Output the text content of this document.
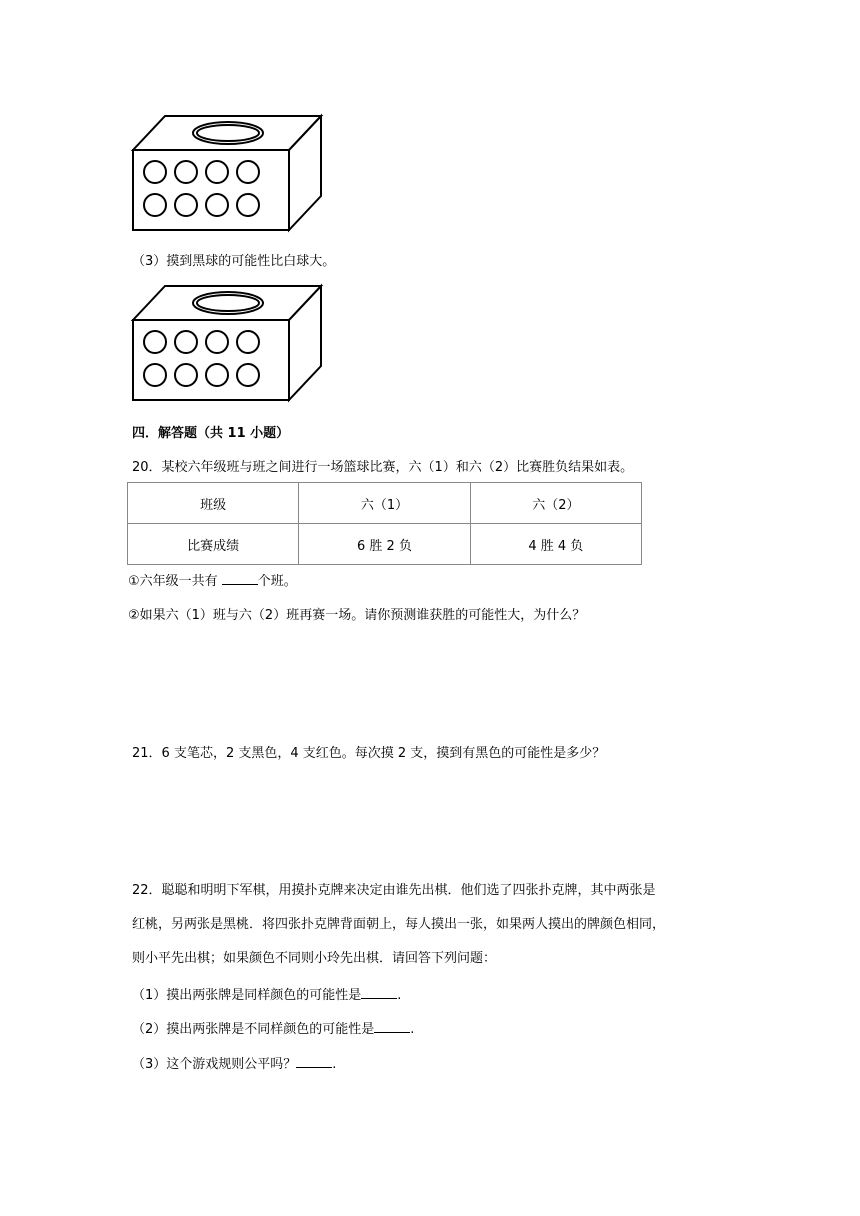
（3）摸到黑球的可能性比白球大。
四．解答题（共 11 小题）
20．某校六年级班与班之间进行一场篮球比赛，六（1）和六（2）比赛胜负结果如表。
班级	六（1）	六（2）
比赛成绩	6 胜 2 负	4 胜 4 负
①六年级一共有	个班。
②如果六（1）班与六（2）班再赛一场。请你预测谁获胜的可能性大，为什么？
21．6 支笔芯，2 支黑色，4 支红色。每次摸 2 支，摸到有黑色的可能性是多少？
22．聪聪和明明下军棋，用摸扑克牌来决定由谁先出棋．他们选了四张扑克牌，其中两张是
红桃，另两张是黑桃．将四张扑克牌背面朝上，每人摸出一张，如果两人摸出的牌颜色相同，
则小平先出棋；如果颜色不同则小玲先出棋．请回答下列问题：
（1）摸出两张牌是同样颜色的可能性是	.
（2）摸出两张牌是不同样颜色的可能性是	.
（3）这个游戏规则公平吗？	.
